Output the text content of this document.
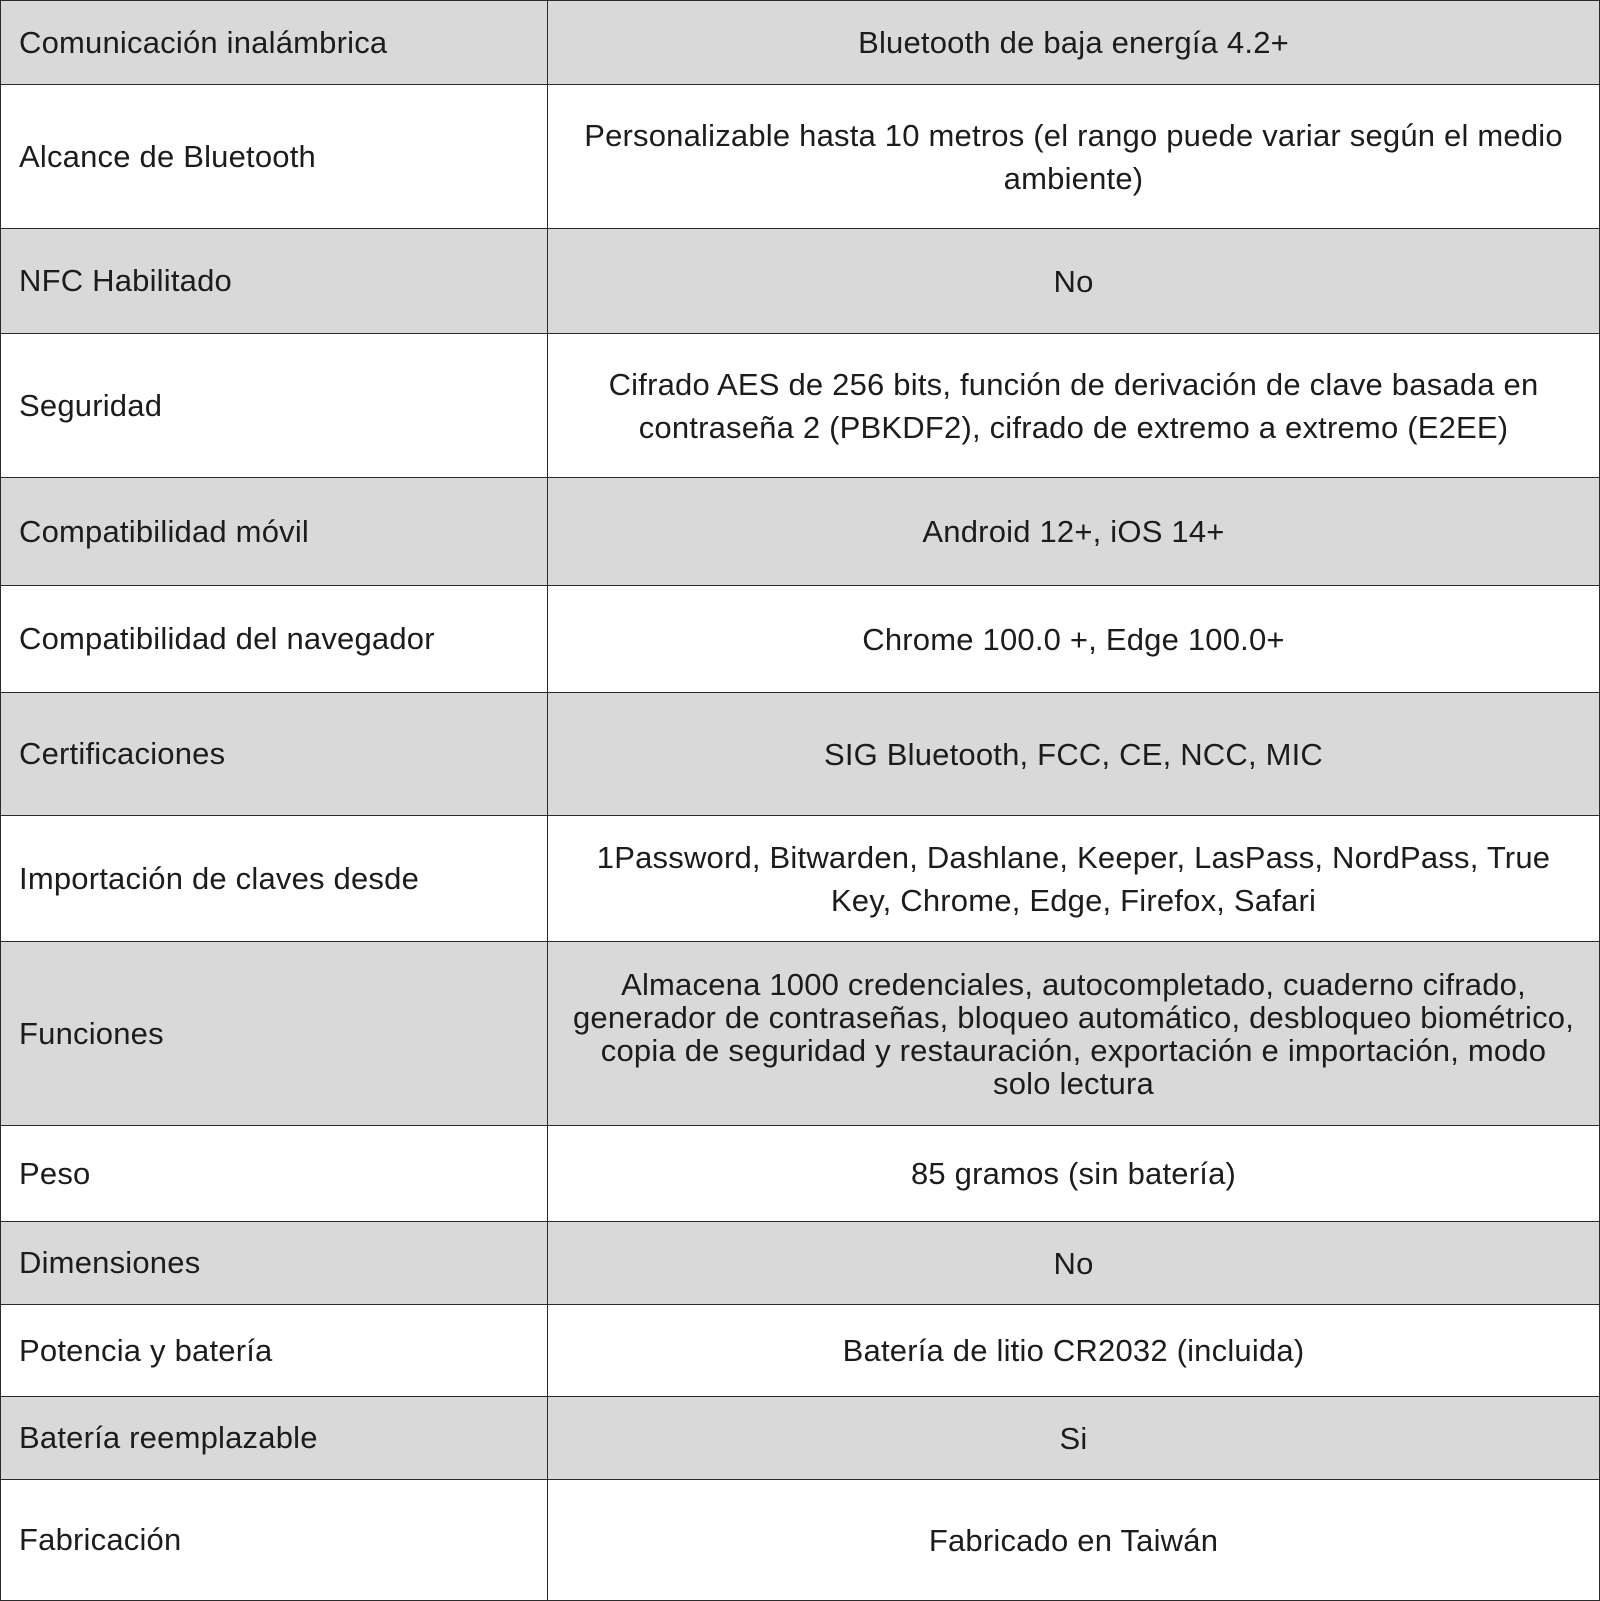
Comunicación inalámbrica	Bluetooth de baja energía 4.2+
Alcance de Bluetooth	Personalizable hasta 10 metros (el rango puede variar según el medio ambiente)
NFC Habilitado	No
Seguridad	Cifrado AES de 256 bits, función de derivación de clave basada en contraseña 2 (PBKDF2), cifrado de extremo a extremo (E2EE)
Compatibilidad móvil	Android 12+, iOS 14+
Compatibilidad del navegador	Chrome 100.0 +, Edge 100.0+
Certificaciones	SIG Bluetooth, FCC, CE, NCC, MIC
Importación de claves desde	1Password, Bitwarden, Dashlane, Keeper, LasPass, NordPass, True Key, Chrome, Edge, Firefox, Safari
Funciones	Almacena 1000 credenciales, autocompletado, cuaderno cifrado, generador de contraseñas, bloqueo automático, desbloqueo biométrico, copia de seguridad y restauración, exportación e importación, modo solo lectura
Peso	85 gramos (sin batería)
Dimensiones	No
Potencia y batería	Batería de litio CR2032 (incluida)
Batería reemplazable	Si
Fabricación	Fabricado en Taiwán
